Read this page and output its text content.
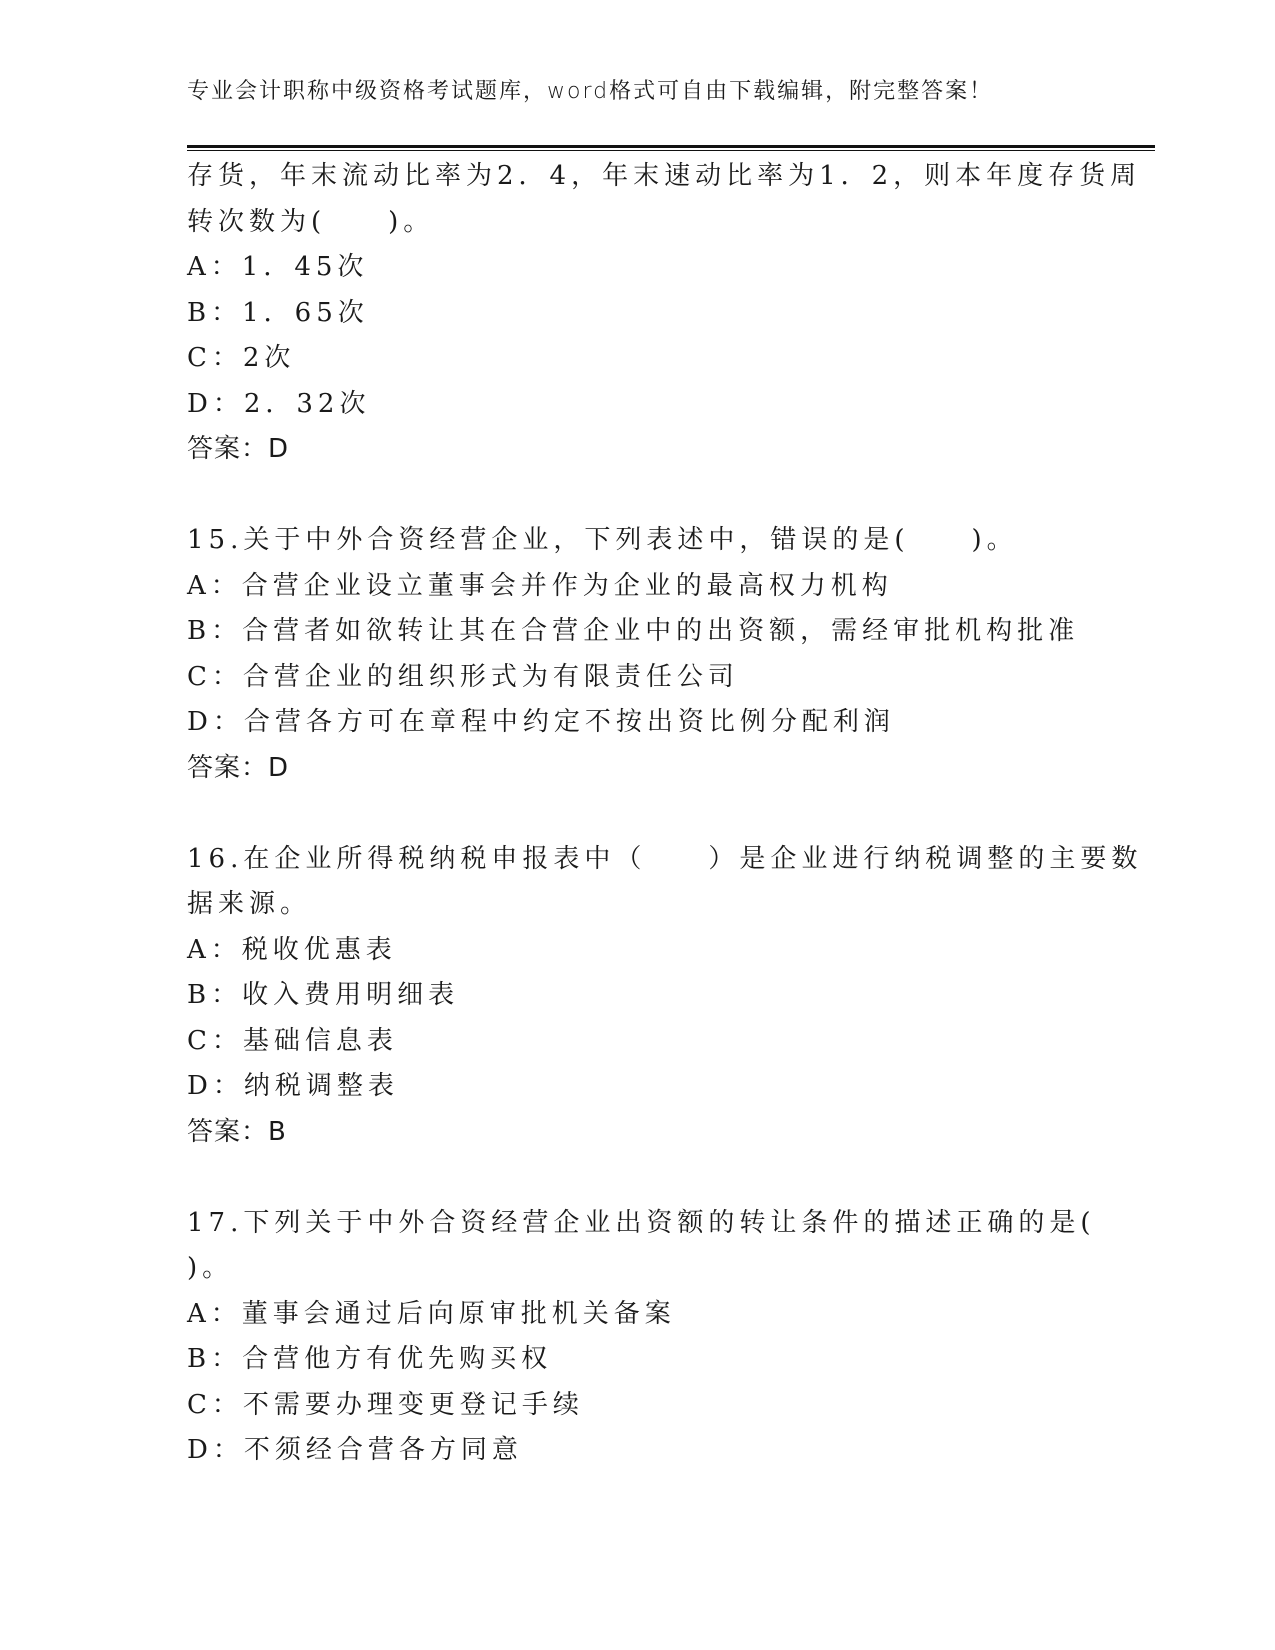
专业会计职称中级资格考试题库，word格式可自由下载编辑，附完整答案！
存货，年末流动比率为2．4，年末速动比率为1．2，则本年度存货周
转次数为(　　)。
A：1．45次
B：1．65次
C：2次
D：2．32次
答案：D
15.关于中外合资经营企业，下列表述中，错误的是(　　)。
A：合营企业设立董事会并作为企业的最高权力机构
B：合营者如欲转让其在合营企业中的出资额，需经审批机构批准
C：合营企业的组织形式为有限责任公司
D：合营各方可在章程中约定不按出资比例分配利润
答案：D
16.在企业所得税纳税申报表中（　　）是企业进行纳税调整的主要数
据来源。
A：税收优惠表
B：收入费用明细表
C：基础信息表
D：纳税调整表
答案：B
17.下列关于中外合资经营企业出资额的转让条件的描述正确的是(
)。
A：董事会通过后向原审批机关备案
B：合营他方有优先购买权
C：不需要办理变更登记手续
D：不须经合营各方同意
